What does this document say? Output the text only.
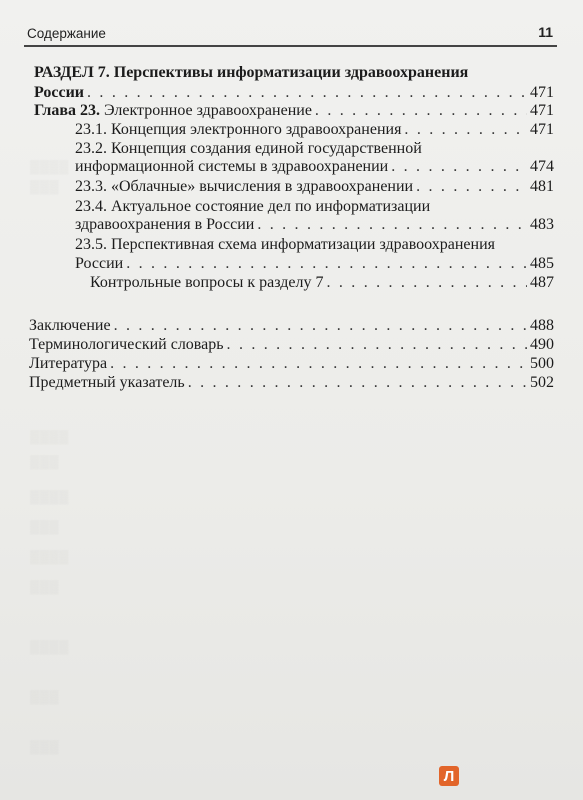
▒▒▒▒
▒▒▒
▒▒▒▒
▒▒▒
▒▒▒▒
▒▒▒
▒▒▒▒
▒▒▒
▒▒▒▒
▒▒▒
▒▒▒
Содержание	11
РАЗДЕЛ 7. Перспективы информатизации здравоохранения
России . . .	471
Глава 23. Электронное здравоохранение . . .	471
23.1. Концепция электронного здравоохранения . . .	471
23.2. Концепция создания единой государственной
информационной системы в здравоохранении . . .	474
23.3. «Облачные» вычисления в здравоохранении . . .	481
23.4. Актуальное состояние дел по информатизации
здравоохранения в России . . .	483
23.5. Перспективная схема информатизации здравоохранения
России . . .	485
Контрольные вопросы к разделу 7 . . .	487
Заключение . . .	488
Терминологический словарь . . .	490
Литература . . .	500
Предметный указатель . . .	502
Л
